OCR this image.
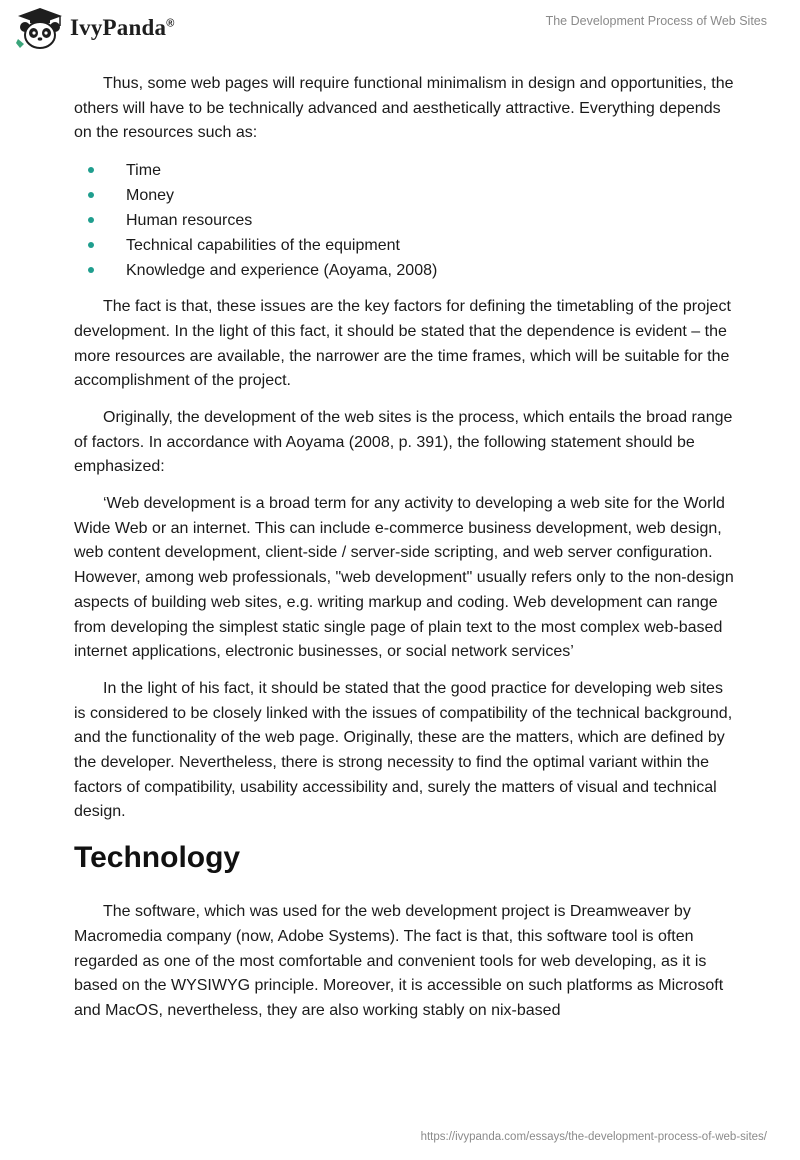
IvyPanda®	The Development Process of Web Sites

Thus, some web pages will require functional minimalism in design and opportunities, the others will have to be technically advanced and aesthetically attractive. Everything depends on the resources such as:

Time
Money
Human resources
Technical capabilities of the equipment
Knowledge and experience (Aoyama, 2008)

The fact is that, these issues are the key factors for defining the timetabling of the project development. In the light of this fact, it should be stated that the dependence is evident – the more resources are available, the narrower are the time frames, which will be suitable for the accomplishment of the project.

Originally, the development of the web sites is the process, which entails the broad range of factors. In accordance with Aoyama (2008, p. 391), the following statement should be emphasized:

‘Web development is a broad term for any activity to developing a web site for the World Wide Web or an internet. This can include e-commerce business development, web design, web content development, client-side / server-side scripting, and web server configuration. However, among web professionals, "web development" usually refers only to the non-design aspects of building web sites, e.g. writing markup and coding. Web development can range from developing the simplest static single page of plain text to the most complex web-based internet applications, electronic businesses, or social network services’

In the light of his fact, it should be stated that the good practice for developing web sites is considered to be closely linked with the issues of compatibility of the technical background, and the functionality of the web page. Originally, these are the matters, which are defined by the developer. Nevertheless, there is strong necessity to find the optimal variant within the factors of compatibility, usability accessibility and, surely the matters of visual and technical design.

Technology

The software, which was used for the web development project is Dreamweaver by Macromedia company (now, Adobe Systems). The fact is that, this software tool is often regarded as one of the most comfortable and convenient tools for web developing, as it is based on the WYSIWYG principle. Moreover, it is accessible on such platforms as Microsoft and MacOS, nevertheless, they are also working stably on nix-based

https://ivypanda.com/essays/the-development-process-of-web-sites/
